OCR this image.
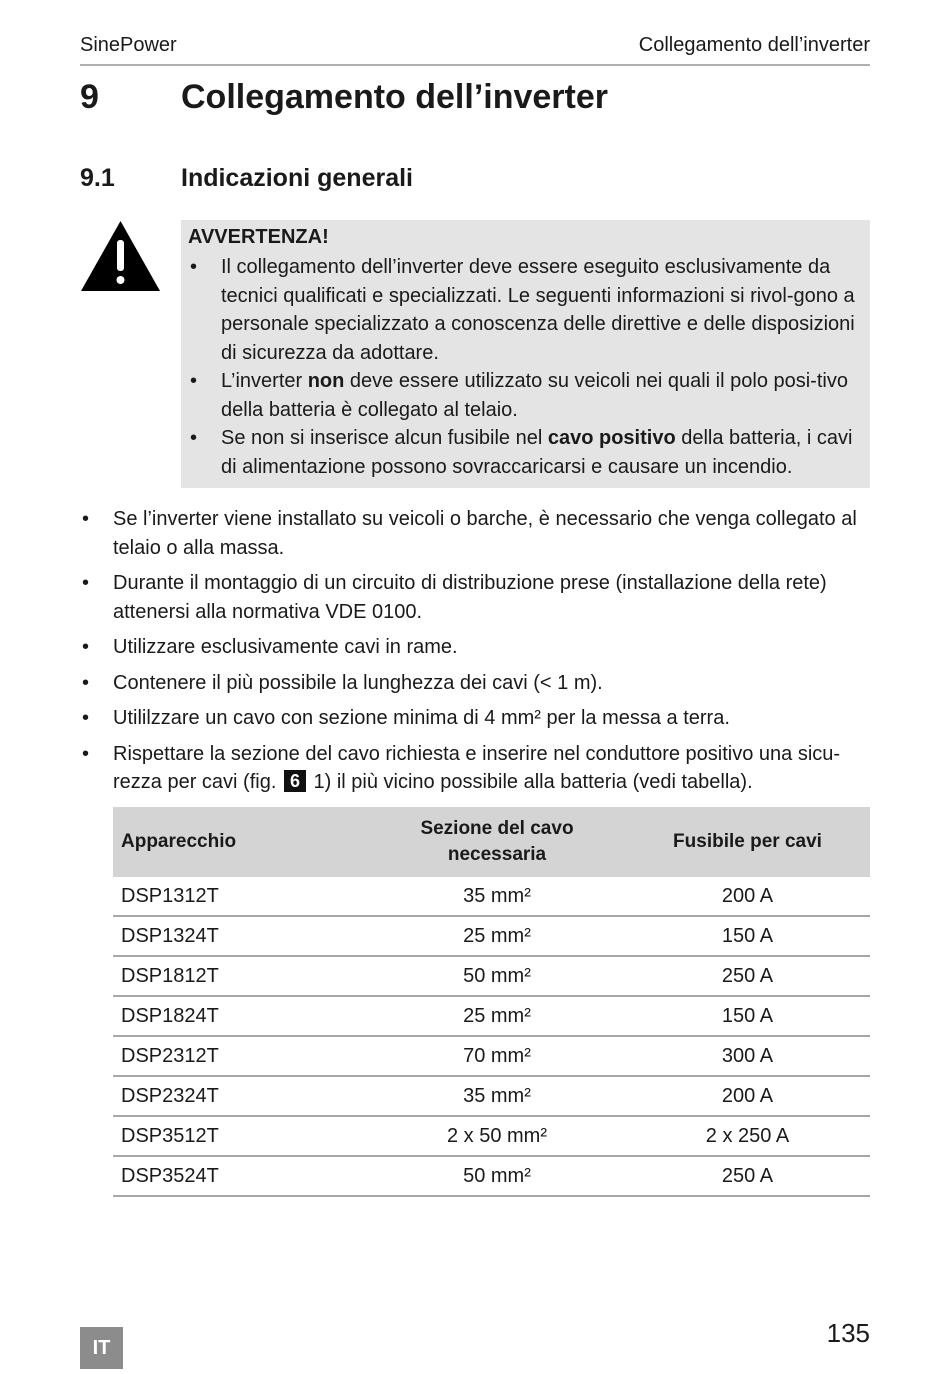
SinePower	Collegamento dell’inverter
9 Collegamento dell’inverter
9.1	Indicazioni generali
AVVERTENZA!
• Il collegamento dell’inverter deve essere eseguito esclusivamente da tecnici qualificati e specializzati. Le seguenti informazioni si rivol-gono a personale specializzato a conoscenza delle direttive e delle disposizioni di sicurezza da adottare.
• L’inverter non deve essere utilizzato su veicoli nei quali il polo posi-tivo della batteria è collegato al telaio.
• Se non si inserisce alcun fusibile nel cavo positivo della batteria, i cavi di alimentazione possono sovraccaricarsi e causare un incendio.
• Se l’inverter viene installato su veicoli o barche, è necessario che venga collegato al telaio o alla massa.
• Durante il montaggio di un circuito di distribuzione prese (installazione della rete) attenersi alla normativa VDE 0100.
• Utilizzare esclusivamente cavi in rame.
• Contenere il più possibile la lunghezza dei cavi (< 1 m).
• Utililzzare un cavo con sezione minima di 4 mm² per la messa a terra.
• Rispettare la sezione del cavo richiesta e inserire nel conduttore positivo una sicu-rezza per cavi (fig. 6 1) il più vicino possibile alla batteria (vedi tabella).
Apparecchio	Sezione del cavo necessaria	Fusibile per cavi
DSP1312T	35 mm²	200 A
DSP1324T	25 mm²	150 A
DSP1812T	50 mm²	250 A
DSP1824T	25 mm²	150 A
DSP2312T	70 mm²	300 A
DSP2324T	35 mm²	200 A
DSP3512T	2 x 50 mm²	2 x 250 A
DSP3524T	50 mm²	250 A
IT	135
